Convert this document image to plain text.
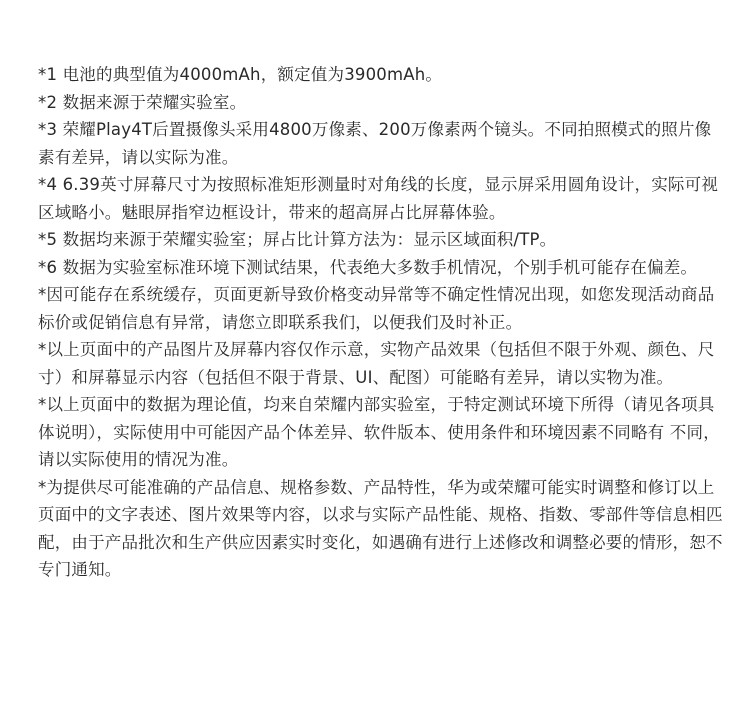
*1 电池的典型值为4000mAh，额定值为3900mAh。
*2 数据来源于荣耀实验室。
*3 荣耀Play4T后置摄像头采用4800万像素、200万像素两个镜头。不同拍照模式的照片像素有差异，请以实际为准。
*4 6.39英寸屏幕尺寸为按照标准矩形测量时对角线的长度，显示屏采用圆角设计，实际可视区域略小。魅眼屏指窄边框设计，带来的超高屏占比屏幕体验。
*5 数据均来源于荣耀实验室；屏占比计算方法为：显示区域面积/TP。
*6 数据为实验室标准环境下测试结果，代表绝大多数手机情况，个别手机可能存在偏差。
*因可能存在系统缓存，页面更新导致价格变动异常等不确定性情况出现，如您发现活动商品标价或促销信息有异常，请您立即联系我们，以便我们及时补正。
*以上页面中的产品图片及屏幕内容仅作示意，实物产品效果（包括但不限于外观、颜色、尺寸）和屏幕显示内容（包括但不限于背景、UI、配图）可能略有差异，请以实物为准。
*以上页面中的数据为理论值，均来自荣耀内部实验室，于特定测试环境下所得（请见各项具体说明），实际使用中可能因产品个体差异、软件版本、使用条件和环境因素不同略有 不同，请以实际使用的情况为准。
*为提供尽可能准确的产品信息、规格参数、产品特性，华为或荣耀可能实时调整和修订以上页面中的文字表述、图片效果等内容，以求与实际产品性能、规格、指数、零部件等信息相匹配，由于产品批次和生产供应因素实时变化，如遇确有进行上述修改和调整必要的情形，恕不专门通知。
